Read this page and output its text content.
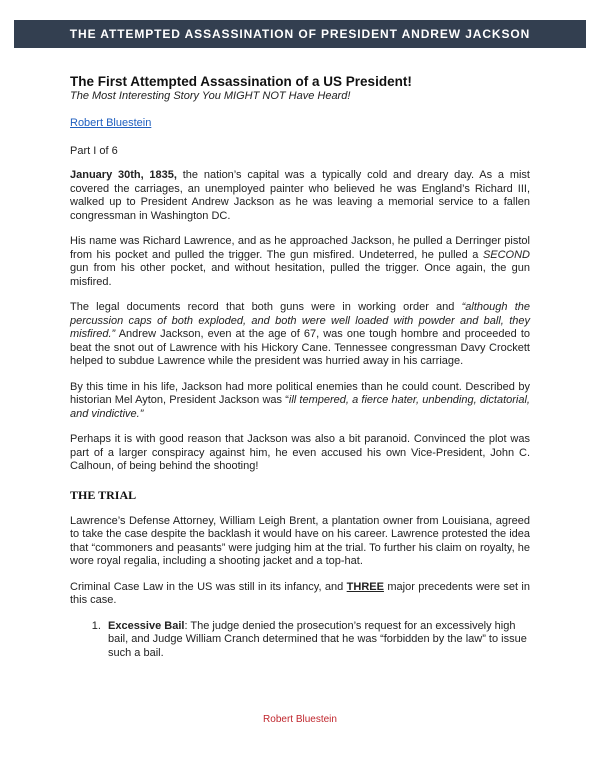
THE ATTEMPTED ASSASSINATION OF PRESIDENT ANDREW JACKSON
The First Attempted Assassination of a US President!

The Most Interesting Story You MIGHT NOT Have Heard!

Robert Bluestein

Part I of 6

January 30th, 1835, the nation’s capital was a typically cold and dreary day. As a mist covered the carriages, an unemployed painter who believed he was England’s Richard III, walked up to President Andrew Jackson as he was leaving a memorial service to a fallen congressman in Washington DC.

His name was Richard Lawrence, and as he approached Jackson, he pulled a Derringer pistol from his pocket and pulled the trigger. The gun misfired. Undeterred, he pulled a SECOND gun from his other pocket, and without hesitation, pulled the trigger. Once again, the gun misfired.

The legal documents record that both guns were in working order and “although the percussion caps of both exploded, and both were well loaded with powder and ball, they misfired.” Andrew Jackson, even at the age of 67, was one tough hombre and proceeded to beat the snot out of Lawrence with his Hickory Cane. Tennessee congressman Davy Crockett helped to subdue Lawrence while the president was hurried away in his carriage.

By this time in his life, Jackson had more political enemies than he could count. Described by historian Mel Ayton, President Jackson was “ill tempered, a fierce hater, unbending, dictatorial, and vindictive.”

Perhaps it is with good reason that Jackson was also a bit paranoid. Convinced the plot was part of a larger conspiracy against him, he even accused his own Vice-President, John C. Calhoun, of being behind the shooting!

THE TRIAL

Lawrence’s Defense Attorney, William Leigh Brent, a plantation owner from Louisiana, agreed to take the case despite the backlash it would have on his career. Lawrence protested the idea that “commoners and peasants” were judging him at the trial. To further his claim on royalty, he wore royal regalia, including a shooting jacket and a top-hat.

Criminal Case Law in the US was still in its infancy, and THREE major precedents were set in this case.

1. Excessive Bail: The judge denied the prosecution’s request for an excessively high bail, and Judge William Cranch determined that he was “forbidden by the law” to issue such a bail.
Robert Bluestein
